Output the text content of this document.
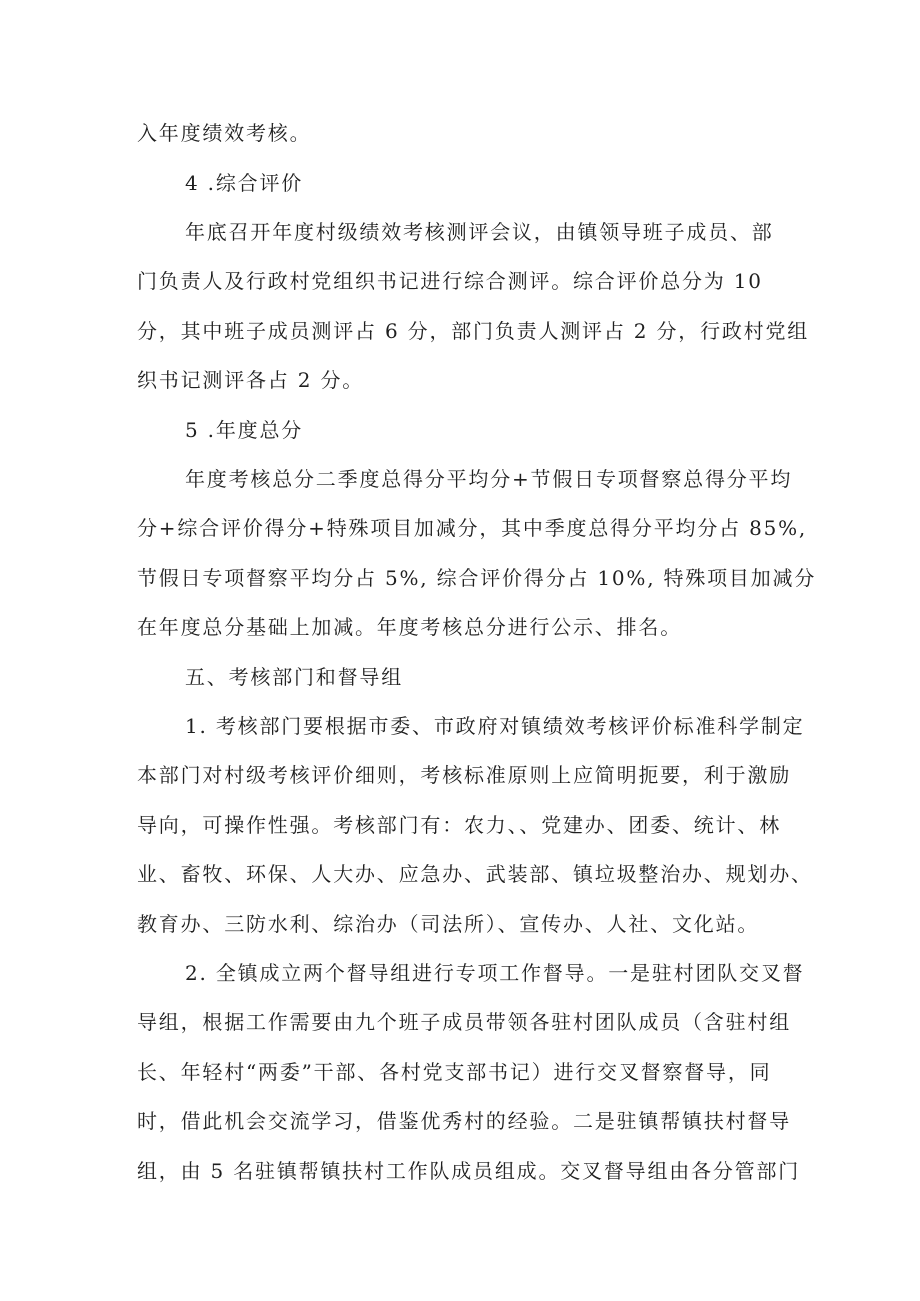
入年度绩效考核。
4 .综合评价
年底召开年度村级绩效考核测评会议，由镇领导班子成员、部
门负责人及行政村党组织书记进行综合测评。综合评价总分为 10
分，其中班子成员测评占 6 分，部门负责人测评占 2 分，行政村党组
织书记测评各占 2 分。
5 .年度总分
年度考核总分二季度总得分平均分+节假日专项督察总得分平均
分+综合评价得分+特殊项目加减分，其中季度总得分平均分占 85%,
节假日专项督察平均分占 5%, 综合评价得分占 10%, 特殊项目加减分
在年度总分基础上加减。年度考核总分进行公示、排名。
五、考核部门和督导组
1. 考核部门要根据市委、市政府对镇绩效考核评价标准科学制定
本部门对村级考核评价细则，考核标准原则上应简明扼要，利于激励
导向，可操作性强。考核部门有：农力、、党建办、团委、统计、林
业、畜牧、环保、人大办、应急办、武装部、镇垃圾整治办、规划办、
教育办、三防水利、综治办（司法所）、宣传办、人社、文化站。
2. 全镇成立两个督导组进行专项工作督导。一是驻村团队交叉督
导组，根据工作需要由九个班子成员带领各驻村团队成员（含驻村组
长、年轻村“两委”干部、各村党支部书记）进行交叉督察督导，同
时，借此机会交流学习，借鉴优秀村的经验。二是驻镇帮镇扶村督导
组，由 5 名驻镇帮镇扶村工作队成员组成。交叉督导组由各分管部门
